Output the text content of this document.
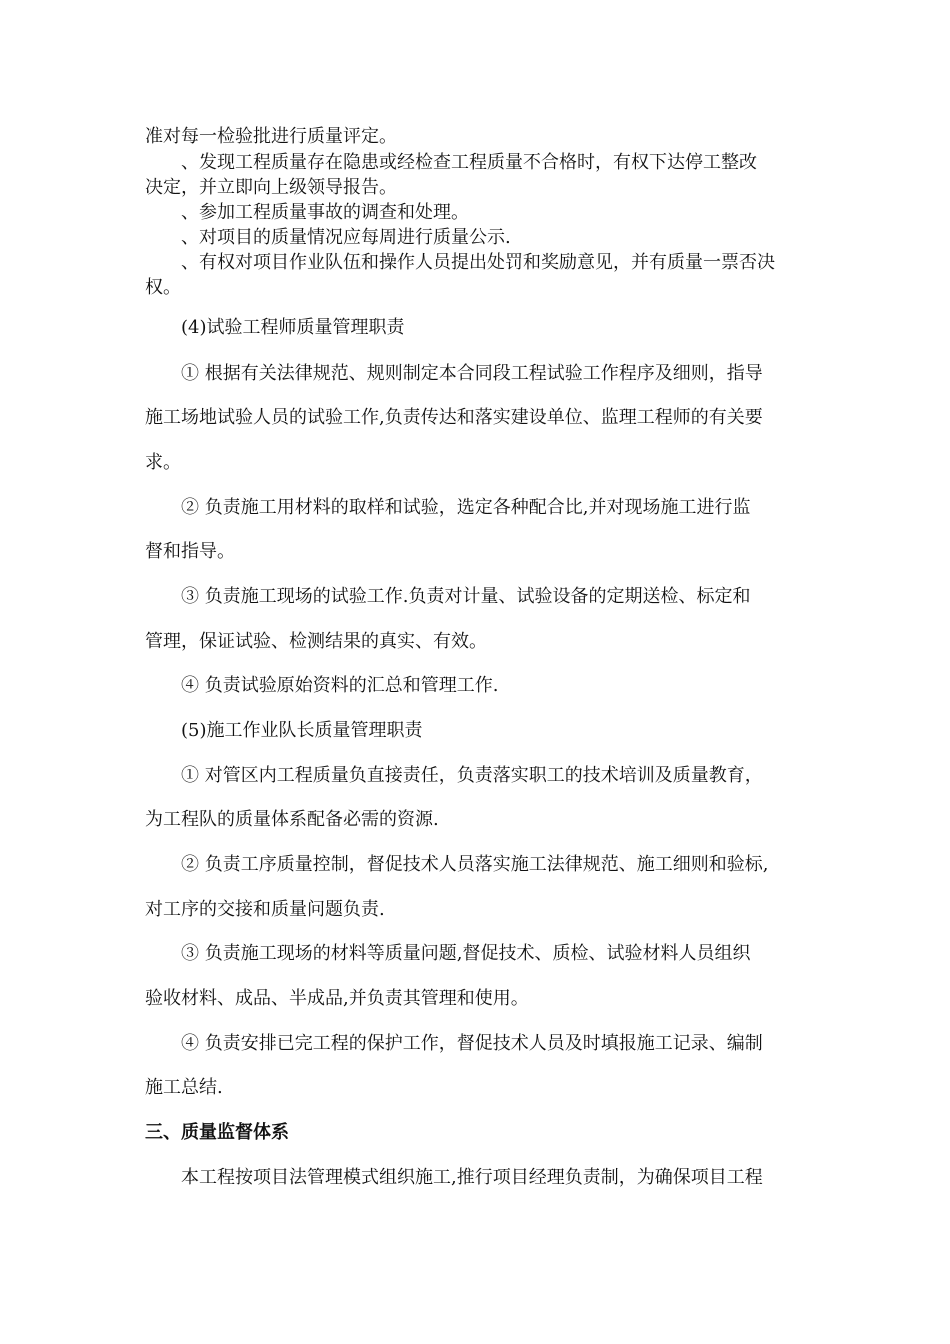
准对每一检验批进行质量评定。

、发现工程质量存在隐患或经检查工程质量不合格时，有权下达停工整改

决定，并立即向上级领导报告。

、参加工程质量事故的调查和处理。

、对项目的质量情况应每周进行质量公示.

、有权对项目作业队伍和操作人员提出处罚和奖励意见，并有质量一票否决

权。

(4)试验工程师质量管理职责

① 根据有关法律规范、规则制定本合同段工程试验工作程序及细则，指导

施工场地试验人员的试验工作,负责传达和落实建设单位、监理工程师的有关要

求。

② 负责施工用材料的取样和试验，选定各种配合比,并对现场施工进行监

督和指导。

③ 负责施工现场的试验工作.负责对计量、试验设备的定期送检、标定和

管理，保证试验、检测结果的真实、有效。

④ 负责试验原始资料的汇总和管理工作.

(5)施工作业队长质量管理职责

① 对管区内工程质量负直接责任，负责落实职工的技术培训及质量教育，

为工程队的质量体系配备必需的资源.

② 负责工序质量控制，督促技术人员落实施工法律规范、施工细则和验标,

对工序的交接和质量问题负责.

③ 负责施工现场的材料等质量问题,督促技术、质检、试验材料人员组织

验收材料、成品、半成品,并负责其管理和使用。

④ 负责安排已完工程的保护工作，督促技术人员及时填报施工记录、编制

施工总结.

三、质量监督体系

本工程按项目法管理模式组织施工,推行项目经理负责制，为确保项目工程
